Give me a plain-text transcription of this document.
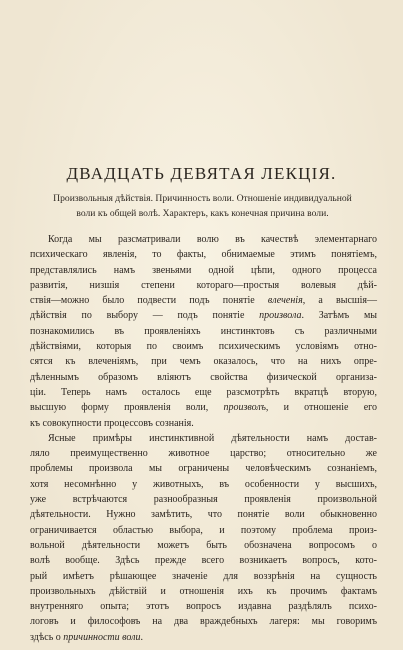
ДВАДЦАТЬ ДЕВЯТАЯ ЛЕКЦІЯ.
Произвольныя дѣйствія. Причинность воли. Отношеніе индивидуальной
воли къ общей волѣ. Характеръ, какъ конечная причина воли.
Когда мы разсматривали волю въ качествѣ элементарнаго
психическаго явленія, то факты, обнимаемые этимъ понятіемъ,
представлялись намъ звеньями одной цѣпи, одного процесса
развитія, низшія степени котораго—простыя волевыя дѣй-
ствія—можно было подвести подъ понятіе влеченія, а высшія—
дѣйствія по выбору — подъ понятіе произвола. Затѣмъ мы
познакомились въ проявленіяхъ инстинктовъ съ различными
дѣйствіями, которыя по своимъ психическимъ условіямъ отно-
сятся къ влеченіямъ, при чемъ оказалось, что на нихъ опре-
дѣленнымъ образомъ вліяютъ свойства физической организа-
ціи. Теперь намъ осталось еще разсмотрѣть вкратцѣ вторую,
высшую форму проявленія воли, произволъ, и отношеніе его
къ совокупности процессовъ сознанія.
Ясные примѣры инстинктивной дѣятельности намъ достав-
ляло преимущественно животное царство; относительно же
проблемы произвола мы ограничены человѣческимъ сознаніемъ,
хотя несомнѣнно у животныхъ, въ особенности у высшихъ,
уже встрѣчаются разнообразныя проявленія произвольной
дѣятельности. Нужно замѣтить, что понятіе воли обыкновенно
ограничивается областью выбора, и поэтому проблема произ-
вольной дѣятельности можетъ быть обозначена вопросомъ о
волѣ вообще. Здѣсь прежде всего возникаетъ вопросъ, кото-
рый имѣетъ рѣшающее значеніе для воззрѣнія на сущность
произвольныхъ дѣйствій и отношенія ихъ къ прочимъ фактамъ
внутренняго опыта; этотъ вопросъ издавна раздѣлялъ психо-
логовъ и философовъ на два враждебныхъ лагеря: мы говоримъ
здѣсь о причинности воли.
